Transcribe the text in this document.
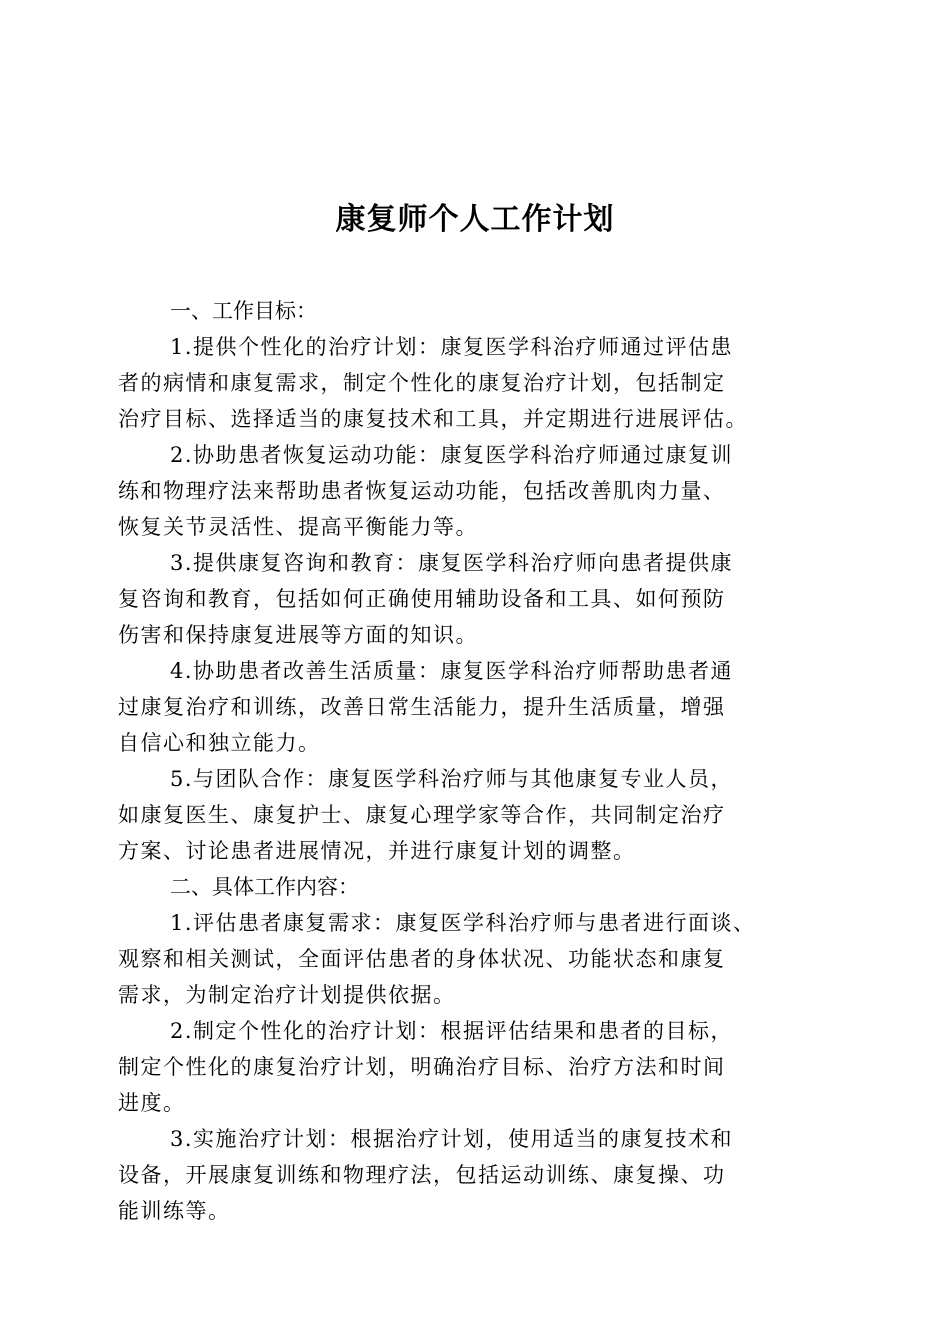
康复师个人工作计划
一、工作目标：
1.提供个性化的治疗计划：康复医学科治疗师通过评估患
者的病情和康复需求，制定个性化的康复治疗计划，包括制定
治疗目标、选择适当的康复技术和工具，并定期进行进展评估。
2.协助患者恢复运动功能：康复医学科治疗师通过康复训
练和物理疗法来帮助患者恢复运动功能，包括改善肌肉力量、
恢复关节灵活性、提高平衡能力等。
3.提供康复咨询和教育：康复医学科治疗师向患者提供康
复咨询和教育，包括如何正确使用辅助设备和工具、如何预防
伤害和保持康复进展等方面的知识。
4.协助患者改善生活质量：康复医学科治疗师帮助患者通
过康复治疗和训练，改善日常生活能力，提升生活质量，增强
自信心和独立能力。
5.与团队合作：康复医学科治疗师与其他康复专业人员，
如康复医生、康复护士、康复心理学家等合作，共同制定治疗
方案、讨论患者进展情况，并进行康复计划的调整。
二、具体工作内容：
1.评估患者康复需求：康复医学科治疗师与患者进行面谈、
观察和相关测试，全面评估患者的身体状况、功能状态和康复
需求，为制定治疗计划提供依据。
2.制定个性化的治疗计划：根据评估结果和患者的目标，
制定个性化的康复治疗计划，明确治疗目标、治疗方法和时间
进度。
3.实施治疗计划：根据治疗计划，使用适当的康复技术和
设备，开展康复训练和物理疗法，包括运动训练、康复操、功
能训练等。
